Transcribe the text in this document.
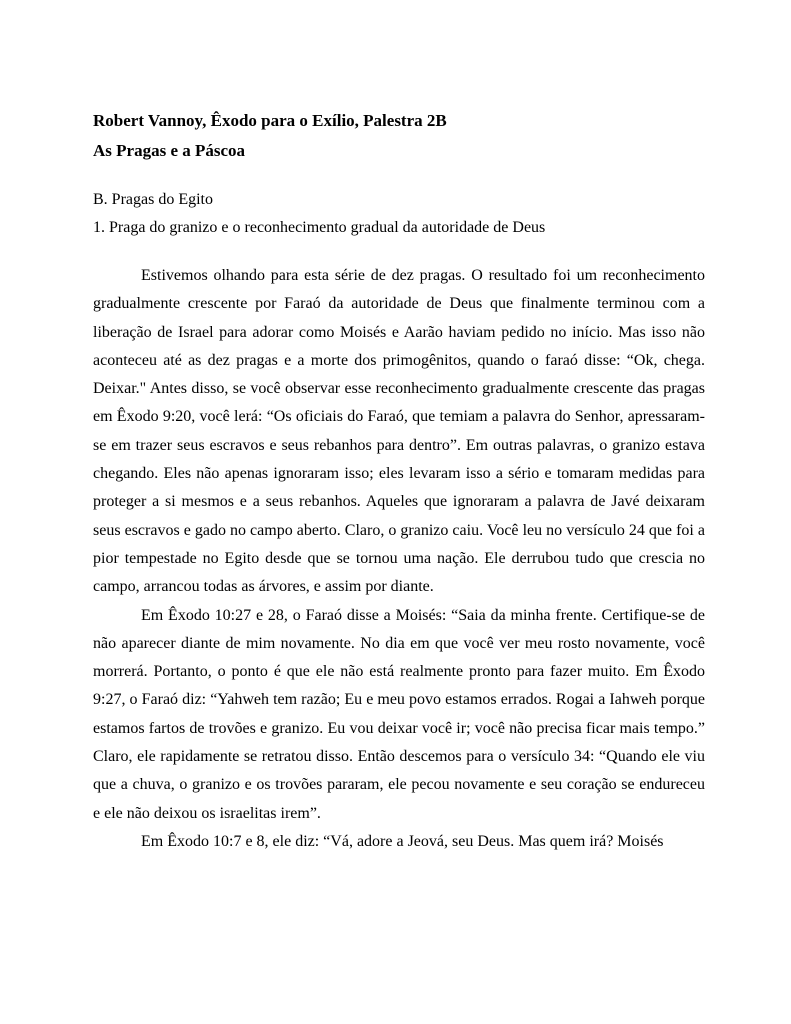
Robert Vannoy, Êxodo para o Exílio, Palestra 2B
As Pragas e a Páscoa
B. Pragas do Egito
1. Praga do granizo e o reconhecimento gradual da autoridade de Deus

Estivemos olhando para esta série de dez pragas. O resultado foi um reconhecimento gradualmente crescente por Faraó da autoridade de Deus que finalmente terminou com a liberação de Israel para adorar como Moisés e Aarão haviam pedido no início. Mas isso não aconteceu até as dez pragas e a morte dos primogênitos, quando o faraó disse: “Ok, chega. Deixar." Antes disso, se você observar esse reconhecimento gradualmente crescente das pragas em Êxodo 9:20, você lerá: “Os oficiais do Faraó, que temiam a palavra do Senhor, apressaram-se em trazer seus escravos e seus rebanhos para dentro”. Em outras palavras, o granizo estava chegando. Eles não apenas ignoraram isso; eles levaram isso a sério e tomaram medidas para proteger a si mesmos e a seus rebanhos. Aqueles que ignoraram a palavra de Javé deixaram seus escravos e gado no campo aberto. Claro, o granizo caiu. Você leu no versículo 24 que foi a pior tempestade no Egito desde que se tornou uma nação. Ele derrubou tudo que crescia no campo, arrancou todas as árvores, e assim por diante.

Em Êxodo 10:27 e 28, o Faraó disse a Moisés: “Saia da minha frente. Certifique-se de não aparecer diante de mim novamente. No dia em que você ver meu rosto novamente, você morrerá. Portanto, o ponto é que ele não está realmente pronto para fazer muito. Em Êxodo 9:27, o Faraó diz: “Yahweh tem razão; Eu e meu povo estamos errados. Rogai a Iahweh porque estamos fartos de trovões e granizo. Eu vou deixar você ir; você não precisa ficar mais tempo.” Claro, ele rapidamente se retratou disso. Então descemos para o versículo 34: “Quando ele viu que a chuva, o granizo e os trovões pararam, ele pecou novamente e seu coração se endureceu e ele não deixou os israelitas irem”.

Em Êxodo 10:7 e 8, ele diz: “Vá, adore a Jeová, seu Deus. Mas quem irá? Moisés
